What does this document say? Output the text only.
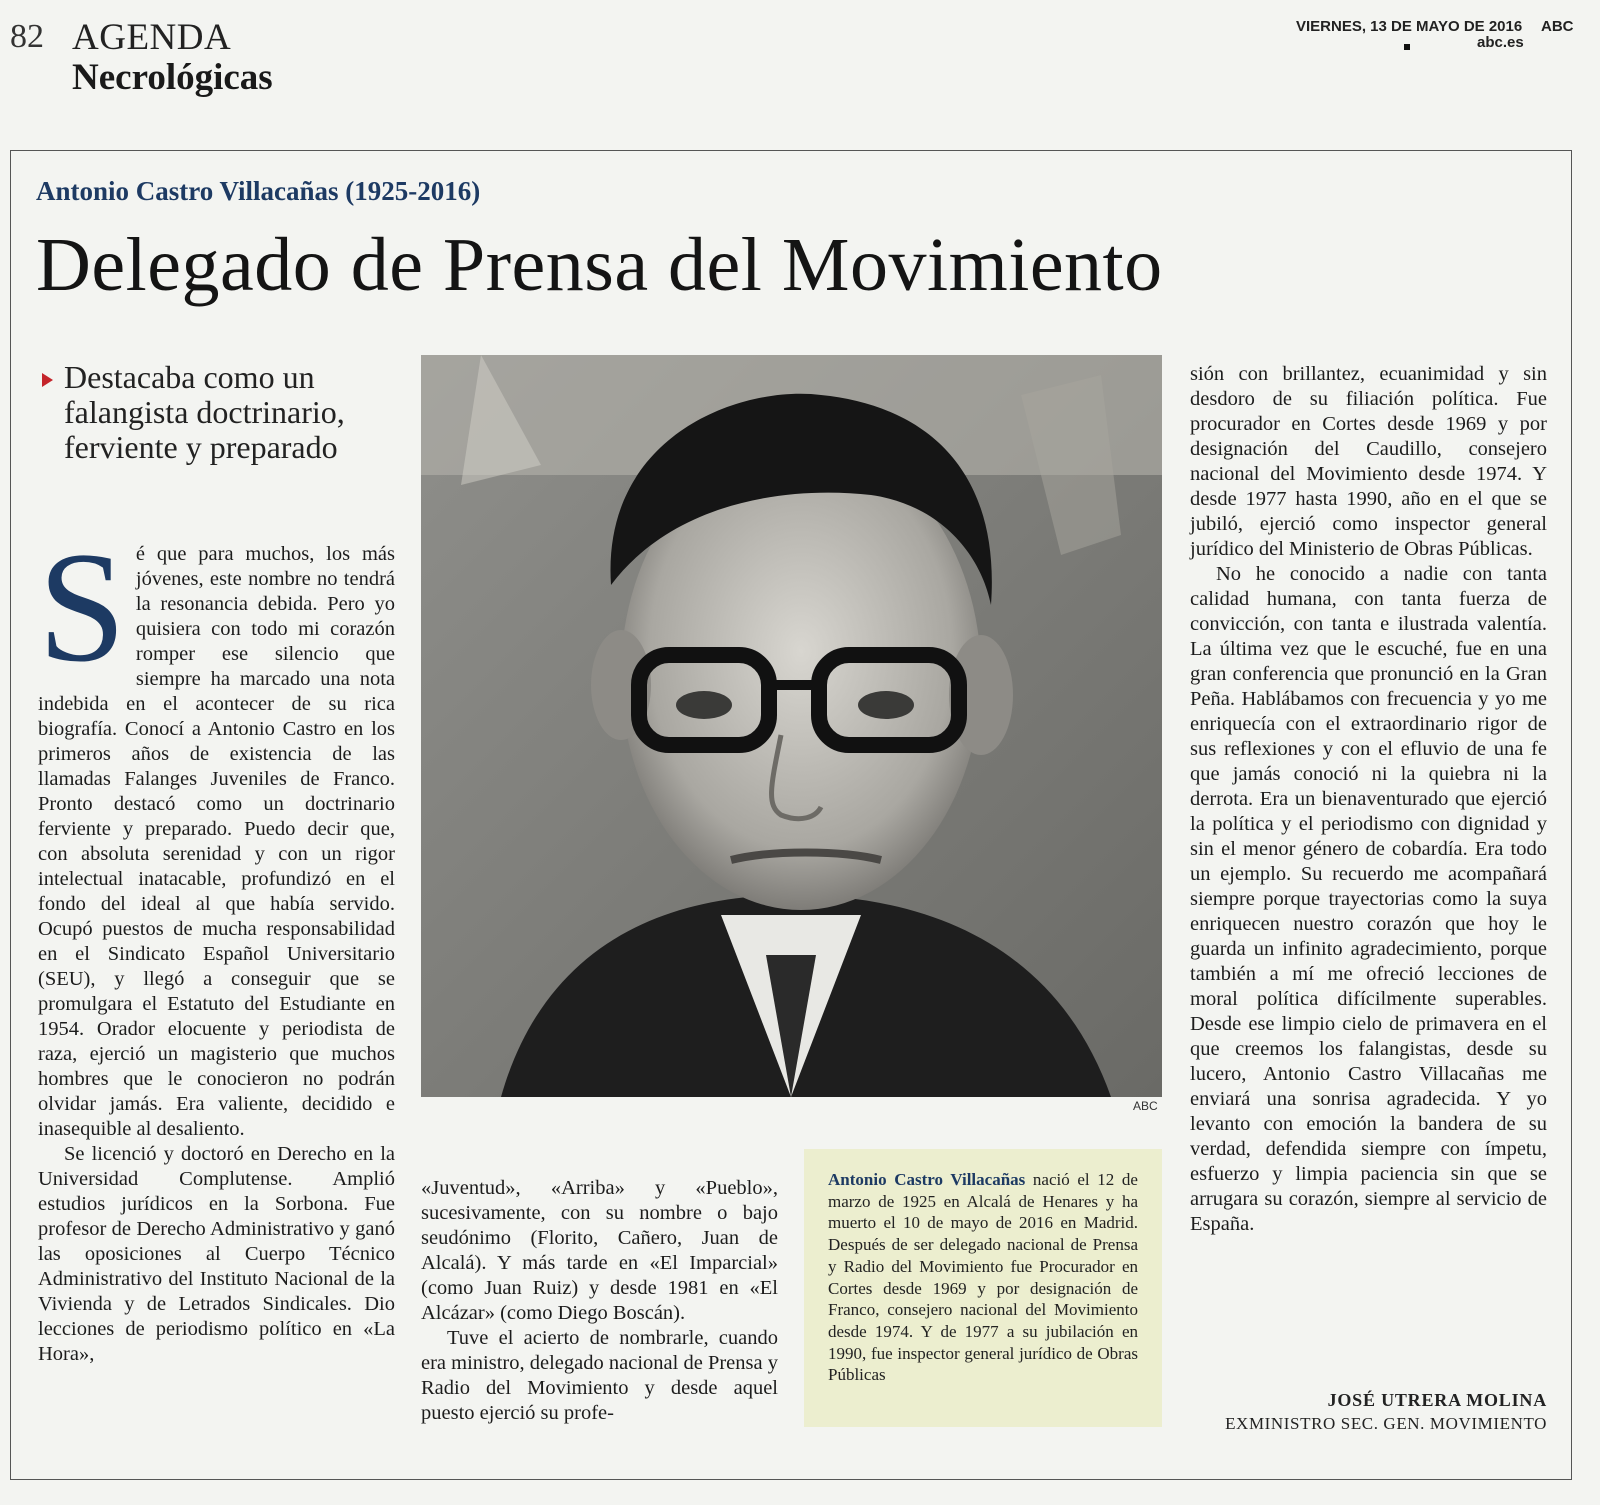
82 AGENDA
Necrológicas
VIERNES, 13 DE MAYO DE 2016 ABC
abc.es
Antonio Castro Villacañas (1925-2016)
Delegado de Prensa del Movimiento
Destacaba como un falangista doctrinario, ferviente y preparado

Sé que para muchos, los más jóvenes, este nombre no tendrá la resonancia debida. Pero yo quisiera con todo mi corazón romper ese silencio que siempre ha marcado una nota indebida en el acontecer de su rica biografía. Conocí a Antonio Castro en los primeros años de existencia de las llamadas Falanges Juveniles de Franco. Pronto destacó como un doctrinario ferviente y preparado. Puedo decir que, con absoluta serenidad y con un rigor intelectual inatacable, profundizó en el fondo del ideal al que había servido. Ocupó puestos de mucha responsabilidad en el Sindicato Español Universitario (SEU), y llegó a conseguir que se promulgara el Estatuto del Estudiante en 1954. Orador elocuente y periodista de raza, ejerció un magisterio que muchos hombres que le conocieron no podrán olvidar jamás. Era valiente, decidido e inasequible al desaliento.

Se licenció y doctoró en Derecho en la Universidad Complutense. Amplió estudios jurídicos en la Sorbona. Fue profesor de Derecho Administrativo y ganó las oposiciones al Cuerpo Técnico Administrativo del Instituto Nacional de la Vivienda y de Letrados Sindicales. Dio lecciones de periodismo político en «La Hora»,

ABC

«Juventud», «Arriba» y «Pueblo», sucesivamente, con su nombre o bajo seudónimo (Florito, Cañero, Juan de Alcalá). Y más tarde en «El Imparcial» (como Juan Ruiz) y desde 1981 en «El Alcázar» (como Diego Boscán).

Tuve el acierto de nombrarle, cuando era ministro, delegado nacional de Prensa y Radio del Movimiento y desde aquel puesto ejerció su profe-

Antonio Castro Villacañas nació el 12 de marzo de 1925 en Alcalá de Henares y ha muerto el 10 de mayo de 2016 en Madrid. Después de ser delegado nacional de Prensa y Radio del Movimiento fue Procurador en Cortes desde 1969 y por designación de Franco, consejero nacional del Movimiento desde 1974. Y de 1977 a su jubilación en 1990, fue inspector general jurídico de Obras Públicas

sión con brillantez, ecuanimidad y sin desdoro de su filiación política. Fue procurador en Cortes desde 1969 y por designación del Caudillo, consejero nacional del Movimiento desde 1974. Y desde 1977 hasta 1990, año en el que se jubiló, ejerció como inspector general jurídico del Ministerio de Obras Públicas.

No he conocido a nadie con tanta calidad humana, con tanta fuerza de convicción, con tanta e ilustrada valentía. La última vez que le escuché, fue en una gran conferencia que pronunció en la Gran Peña. Hablábamos con frecuencia y yo me enriquecía con el extraordinario rigor de sus reflexiones y con el efluvio de una fe que jamás conoció ni la quiebra ni la derrota. Era un bienaventurado que ejerció la política y el periodismo con dignidad y sin el menor género de cobardía. Era todo un ejemplo. Su recuerdo me acompañará siempre porque trayectorias como la suya enriquecen nuestro corazón que hoy le guarda un infinito agradecimiento, porque también a mí me ofreció lecciones de moral política difícilmente superables. Desde ese limpio cielo de primavera en el que creemos los falangistas, desde su lucero, Antonio Castro Villacañas me enviará una sonrisa agradecida. Y yo levanto con emoción la bandera de su verdad, defendida siempre con ímpetu, esfuerzo y limpia paciencia sin que se arrugara su corazón, siempre al servicio de España.

JOSÉ UTRERA MOLINA
EXMINISTRO SEC. GEN. MOVIMIENTO
